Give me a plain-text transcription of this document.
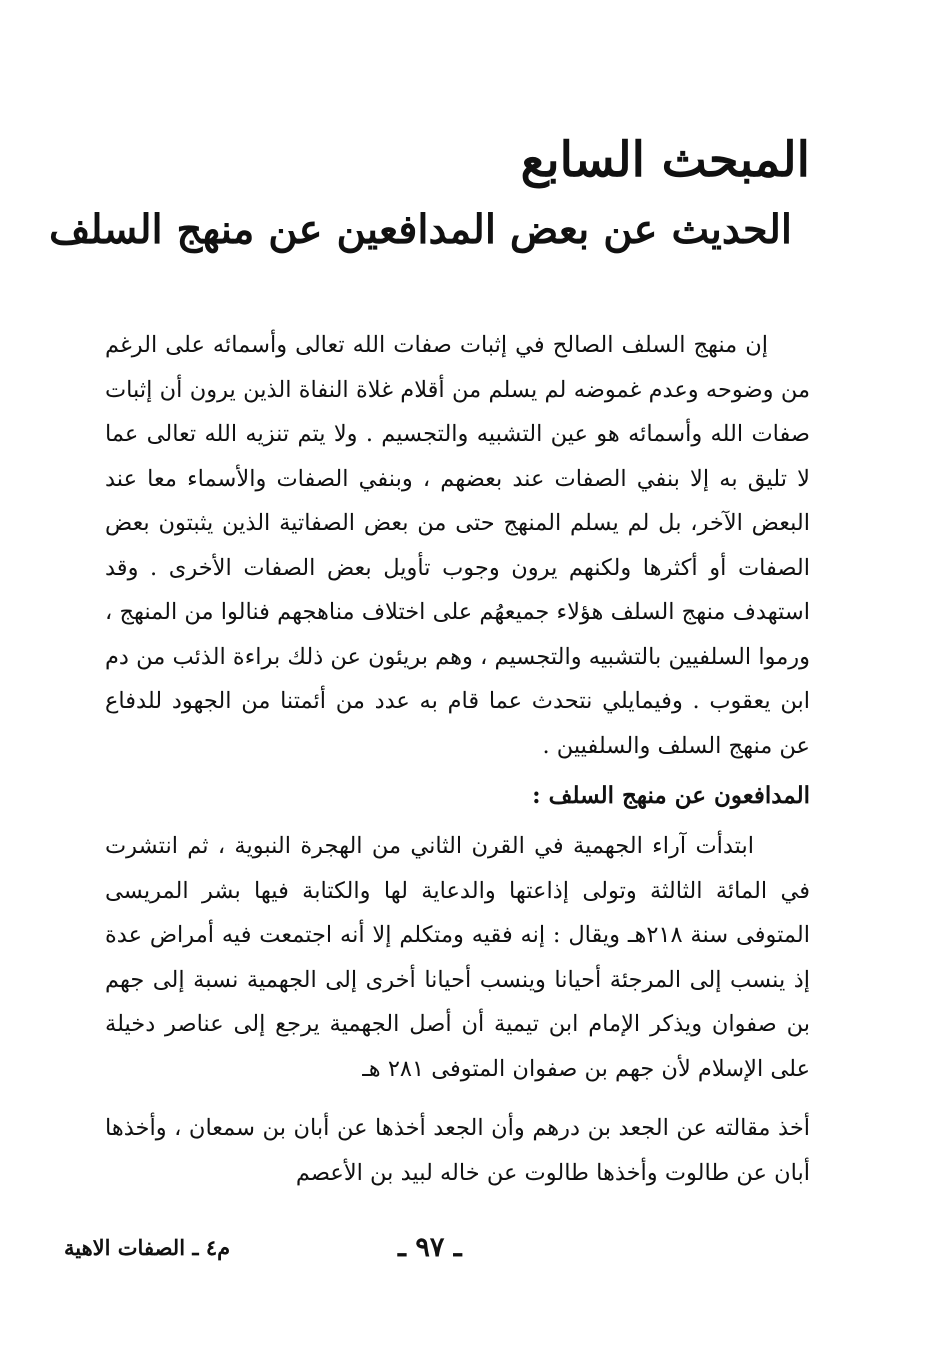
المبحث السابع
الحديث عن بعض المدافعين عن منهج السلف
إن منهج السلف الصالح في إثبات صفات الله تعالى وأسمائه على الرغم من وضوحه وعدم غموضه لم يسلم من أقلام غلاة النفاة الذين يرون أن إثبات صفات الله وأسمائه هو عين التشبيه والتجسيم . ولا يتم تنزيه الله تعالى عما لا تليق به إلا بنفي الصفات عند بعضهم ، وبنفي الصفات والأسماء معا عند البعض الآخر، بل لم يسلم المنهج حتى من بعض الصفاتية الذين يثبتون بعض الصفات أو أكثرها ولكنهم يرون وجوب تأويل بعض الصفات الأخرى . وقد استهدف منهج السلف هؤلاء جميعهُم على اختلاف مناهجهم فنالوا من المنهج ، ورموا السلفيين بالتشبيه والتجسيم ، وهم بريئون عن ذلك براءة الذئب من دم ابن يعقوب . وفيمايلي نتحدث عما قام به عدد من أئمتنا من الجهود للدفاع عن منهج السلف والسلفيين .
المدافعون عن منهج السلف :
ابتدأت آراء الجهمية في القرن الثاني من الهجرة النبوية ، ثم انتشرت في المائة الثالثة وتولى إذاعتها والدعاية لها والكتابة فيها بشر المريسى المتوفى سنة ٢١٨هـ ويقال : إنه فقيه ومتكلم إلا أنه اجتمعت فيه أمراض عدة إذ ينسب إلى المرجئة أحيانا وينسب أحيانا أخرى إلى الجهمية نسبة إلى جهم بن صفوان ويذكر الإمام ابن تيمية أن أصل الجهمية يرجع إلى عناصر دخيلة على الإسلام لأن جهم بن صفوان المتوفى ٢٨١ هـ
أخذ مقالته عن الجعد بن درهم وأن الجعد أخذها عن أبان بن سمعان ، وأخذها أبان عن طالوت وأخذها طالوت عن خاله لبيد بن الأعصم
م٤ ـ الصفات الاهية	ـ ٩٧ ـ
